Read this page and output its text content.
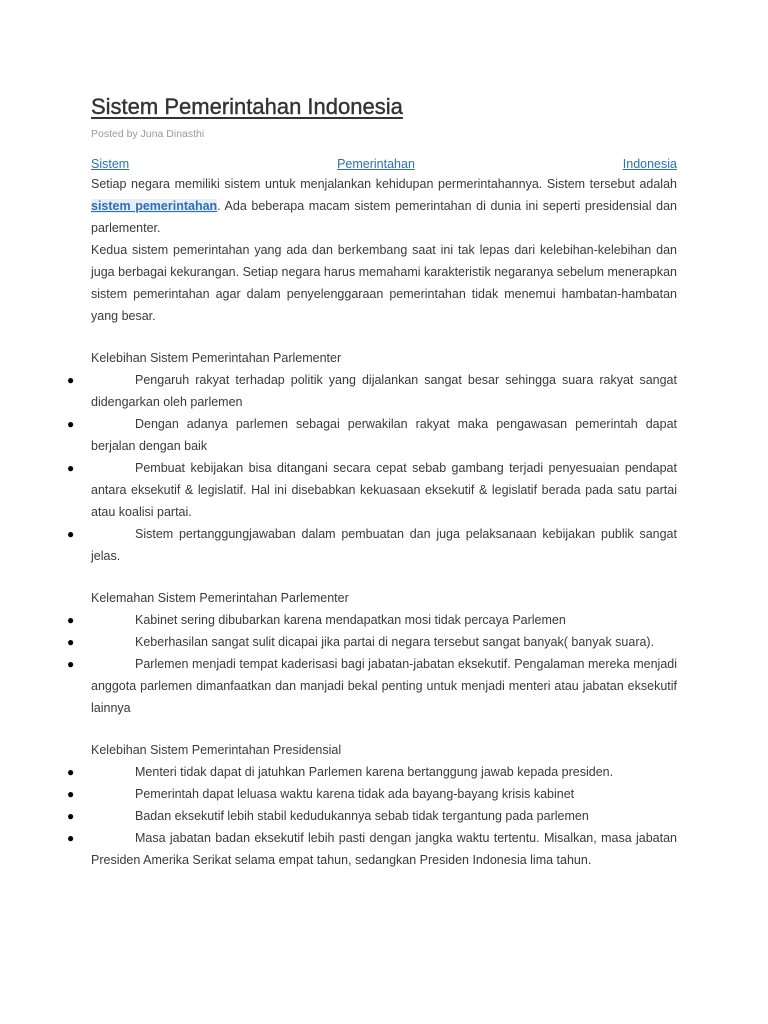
Sistem Pemerintahan Indonesia
Posted by Juna Dinasthi
Sistem	Pemerintahan	Indonesia

Setiap negara memiliki sistem untuk menjalankan kehidupan permerintahannya. Sistem tersebut adalah sistem pemerintahan. Ada beberapa macam sistem pemerintahan di dunia ini seperti presidensial dan parlementer.

Kedua sistem pemerintahan yang ada dan berkembang saat ini tak lepas dari kelebihan-kelebihan dan juga berbagai kekurangan. Setiap negara harus memahami karakteristik negaranya sebelum menerapkan sistem pemerintahan agar dalam penyelenggaraan pemerintahan tidak menemui hambatan-hambatan yang besar.

Kelebihan Sistem Pemerintahan Parlementer
●	Pengaruh rakyat terhadap politik yang dijalankan sangat besar sehingga suara rakyat sangat didengarkan oleh parlemen
●	Dengan adanya parlemen sebagai perwakilan rakyat maka pengawasan pemerintah dapat berjalan dengan baik
●	Pembuat kebijakan bisa ditangani secara cepat sebab gambang terjadi penyesuaian pendapat antara eksekutif & legislatif. Hal ini disebabkan kekuasaan eksekutif & legislatif berada pada satu partai atau koalisi partai.
●	Sistem pertanggungjawaban dalam pembuatan dan juga pelaksanaan kebijakan publik sangat jelas.
Kelemahan Sistem Pemerintahan Parlementer
●	Kabinet sering dibubarkan karena mendapatkan mosi tidak percaya Parlemen
●	Keberhasilan sangat sulit dicapai jika partai di negara tersebut sangat banyak( banyak suara).
●	Parlemen menjadi tempat kaderisasi bagi jabatan-jabatan eksekutif. Pengalaman mereka menjadi anggota parlemen dimanfaatkan dan manjadi bekal penting untuk menjadi menteri atau jabatan eksekutif lainnya
Kelebihan Sistem Pemerintahan Presidensial
●	Menteri tidak dapat di jatuhkan Parlemen karena bertanggung jawab kepada presiden.
●	Pemerintah dapat leluasa waktu karena tidak ada bayang-bayang krisis kabinet
●	Badan eksekutif lebih stabil kedudukannya sebab tidak tergantung pada parlemen
●	Masa jabatan badan eksekutif lebih pasti dengan jangka waktu tertentu. Misalkan, masa jabatan Presiden Amerika Serikat selama empat tahun, sedangkan Presiden Indonesia lima tahun.
